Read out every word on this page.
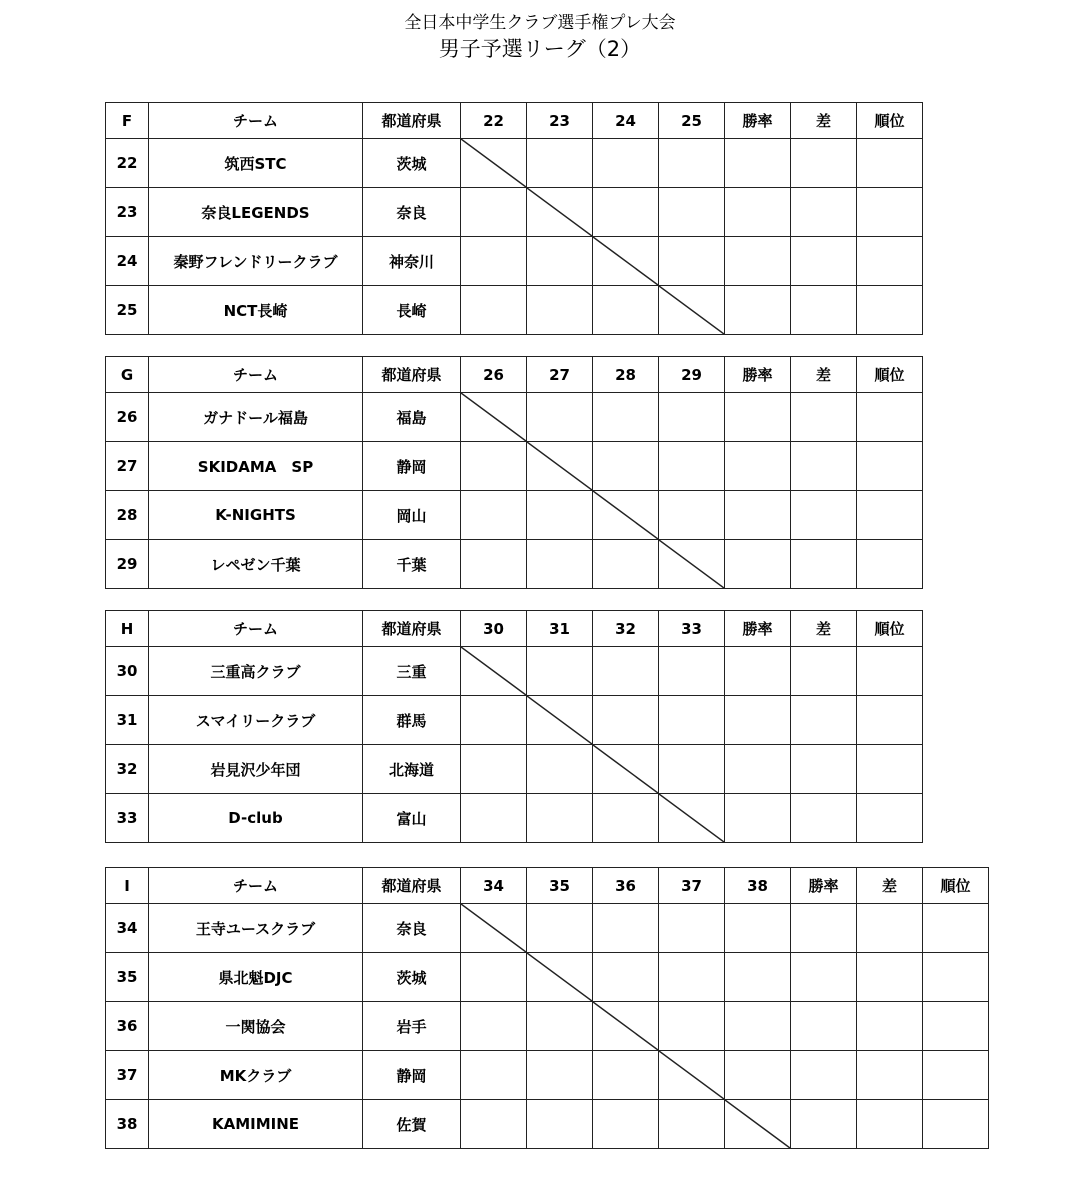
全日本中学生クラブ選手権プレ大会
男子予選リーグ（2）
F	チーム	都道府県	22	23	24	25	勝率	差	順位
22	筑西STC	茨城	

23	奈良LEGENDS	奈良		

24	秦野フレンドリークラブ	神奈川			

25	NCT長崎	長崎				

G	チーム	都道府県	26	27	28	29	勝率	差	順位
26	ガナドール福島	福島	

27	SKIDAMA　SP	静岡		

28	K-NIGHTS	岡山			

29	レペゼン千葉	千葉				

H	チーム	都道府県	30	31	32	33	勝率	差	順位
30	三重高クラブ	三重	

31	スマイリークラブ	群馬		

32	岩見沢少年団	北海道			

33	D-club	富山				

I	チーム	都道府県	34	35	36	37	38	勝率	差	順位
34	王寺ユースクラブ	奈良	

35	県北魁DJC	茨城		

36	一関協会	岩手			

37	MKクラブ	静岡				

38	KAMIMINE	佐賀					
